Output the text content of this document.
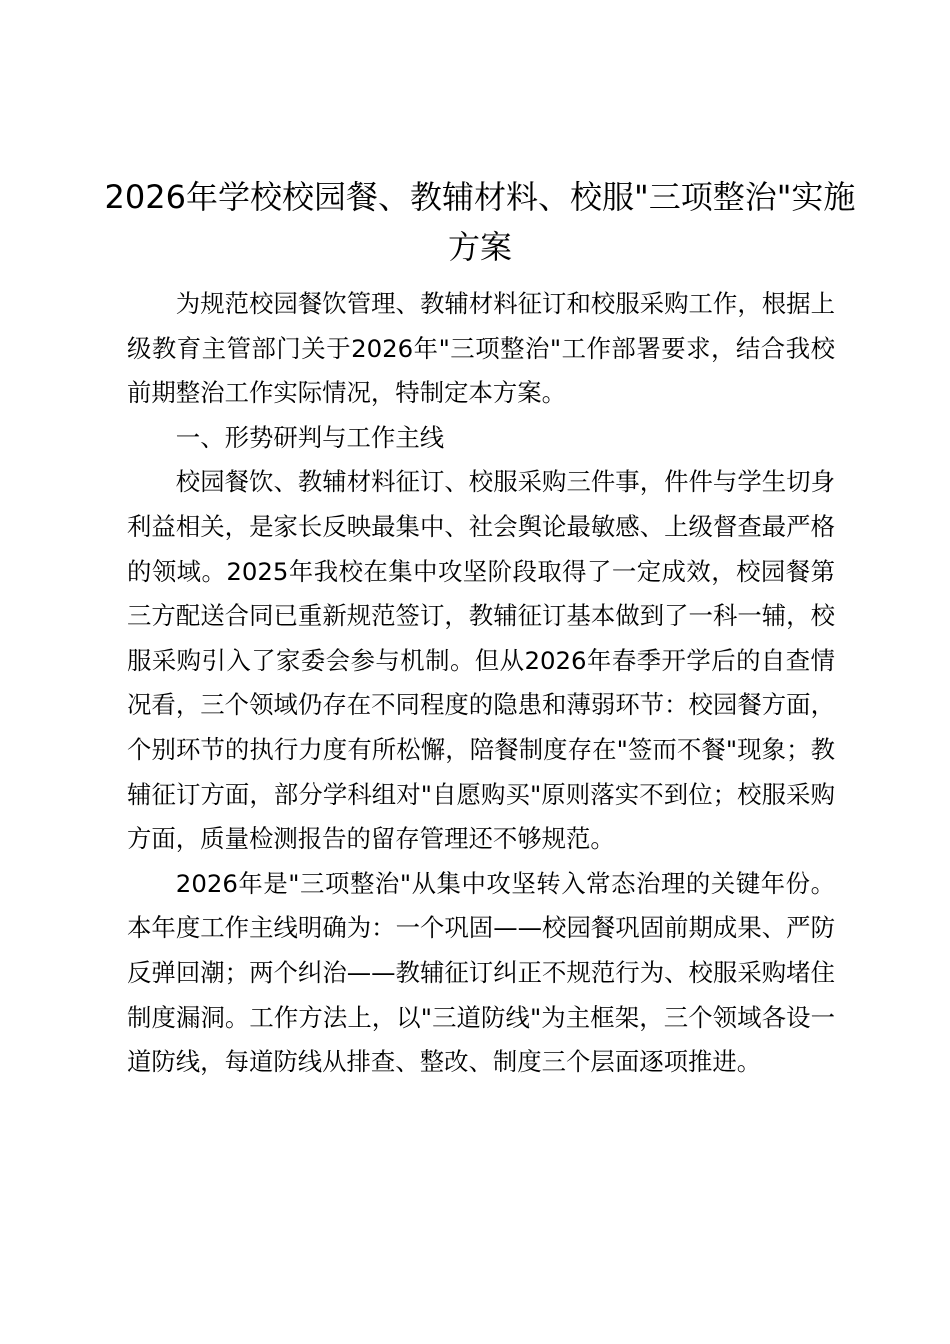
2026年学校校园餐、教辅材料、校服"三项整治"实施方案

为规范校园餐饮管理、教辅材料征订和校服采购工作，根据上级教育主管部门关于2026年"三项整治"工作部署要求，结合我校前期整治工作实际情况，特制定本方案。

一、形势研判与工作主线

校园餐饮、教辅材料征订、校服采购三件事，件件与学生切身利益相关，是家长反映最集中、社会舆论最敏感、上级督查最严格的领域。2025年我校在集中攻坚阶段取得了一定成效，校园餐第三方配送合同已重新规范签订，教辅征订基本做到了一科一辅，校服采购引入了家委会参与机制。但从2026年春季开学后的自查情况看，三个领域仍存在不同程度的隐患和薄弱环节：校园餐方面，个别环节的执行力度有所松懈，陪餐制度存在"签而不餐"现象；教辅征订方面，部分学科组对"自愿购买"原则落实不到位；校服采购方面，质量检测报告的留存管理还不够规范。

2026年是"三项整治"从集中攻坚转入常态治理的关键年份。本年度工作主线明确为：一个巩固——校园餐巩固前期成果、严防反弹回潮；两个纠治——教辅征订纠正不规范行为、校服采购堵住制度漏洞。工作方法上，以"三道防线"为主框架，三个领域各设一道防线，每道防线从排查、整改、制度三个层面逐项推进。
